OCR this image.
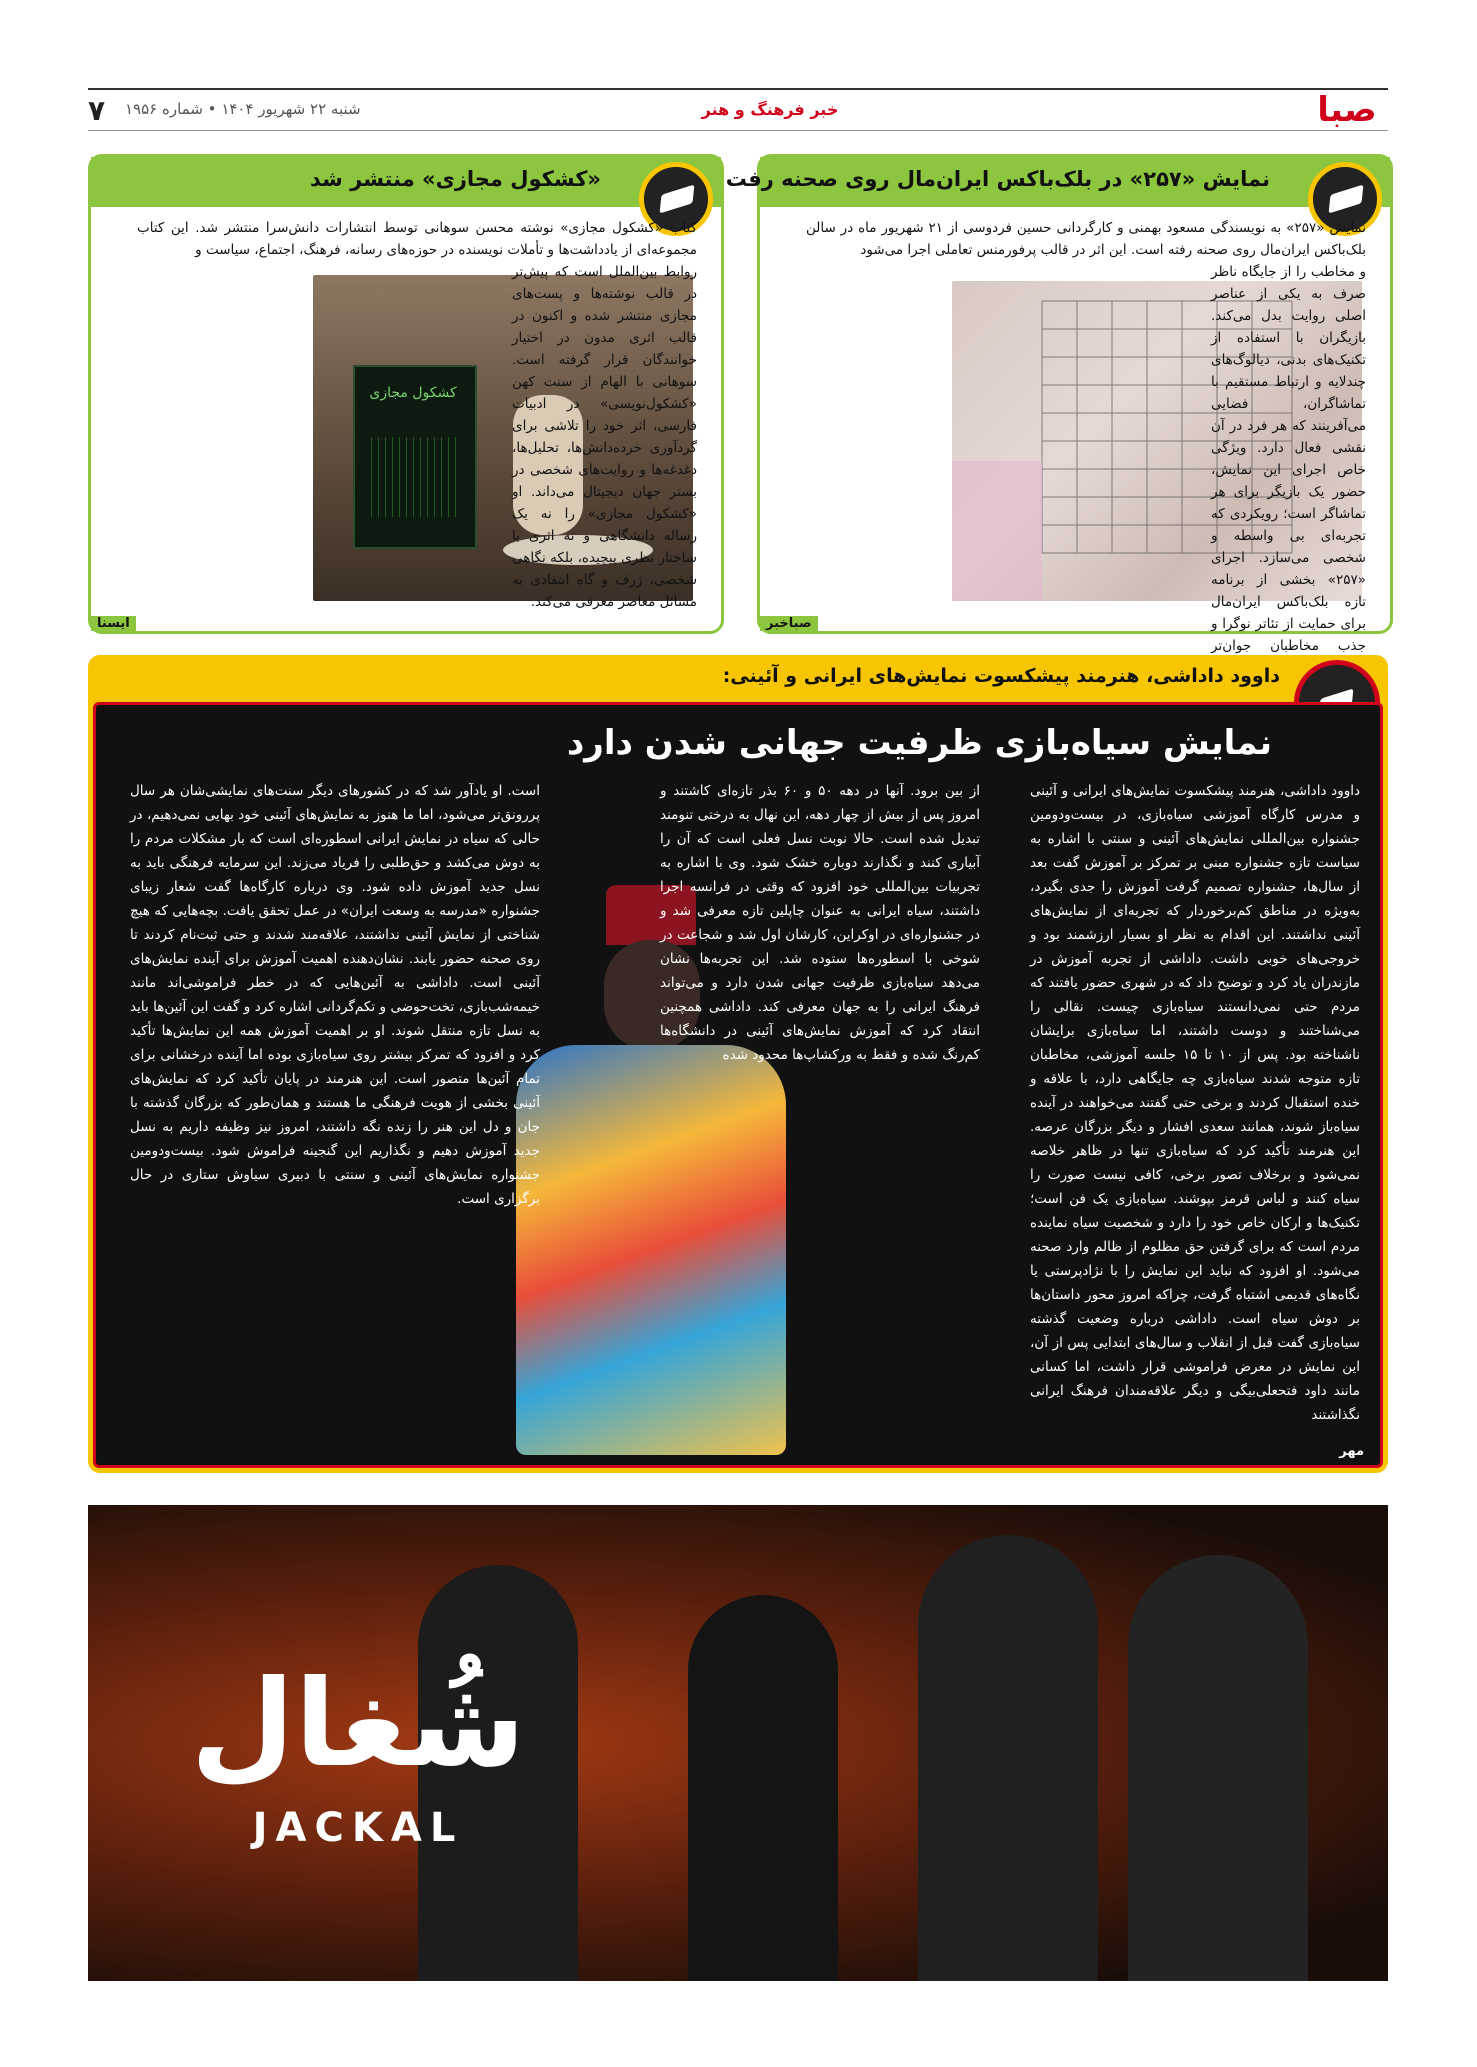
صبا
خبر فرهنگ و هنر
شنبه ۲۲ شهریور ۱۴۰۴ • شماره ۱۹۵۶
۷
نمایش «۲۵۷» در بلک‌باکس ایران‌مال روی صحنه رفت
نمایش «۲۵۷» به نویسندگی مسعود بهمنی و کارگردانی حسین فردوسی از ۲۱ شهریور ماه در سالن بلک‌باکس ایران‌مال روی صحنه رفته است. این اثر در قالب پرفورمنس تعاملی اجرا می‌شود
و مخاطب را از جایگاه ناظر صرف به یکی از عناصر اصلی روایت بدل می‌کند. بازیگران با استفاده از تکنیک‌های بدنی، دیالوگ‌های چندلایه و ارتباط مستقیم با تماشاگران، فضایی می‌آفرینند که هر فرد در آن نقشی فعال دارد. ویژگی خاص اجرای این نمایش، حضور یک بازیگر برای هر تماشاگر است؛ رویکردی که تجربه‌ای بی واسطه و شخصی می‌سازد. اجرای «۲۵۷» بخشی از برنامه تازه بلک‌باکس ایران‌مال برای حمایت از تئاتر نوگرا و جذب مخاطبان جوان‌تر
صباخبر
«کشکول مجازی» منتشر شد
کتاب «کشکول مجازی» نوشته محسن سوهانی توسط انتشارات دانش‌سرا منتشر شد. این کتاب مجموعه‌ای از یادداشت‌ها و تأملات نویسنده در حوزه‌های رسانه، فرهنگ، اجتماع، سیاست و
کشکول مجازی
روابط بین‌الملل است که پیش‌تر در قالب نوشته‌ها و پست‌های مجازی منتشر شده و اکنون در قالب اثری مدون در اختیار خوانندگان قرار گرفته است. سوهانی با الهام از سنت کهن «کشکول‌نویسی» در ادبیات فارسی، اثر خود را تلاشی برای گردآوری خرده‌دانش‌ها، تحلیل‌ها، دغدغه‌ها و روایت‌های شخصی در بستر جهان دیجیتال می‌داند. او «کشکول مجازی» را نه یک رساله دانشگاهی و نه اثری با ساختار نظری پیچیده، بلکه نگاهی شخصی، ژرف و گاه انتقادی به مسائل معاصر معرفی می‌کند.
ایسنا
داوود داداشی، هنرمند پیشکسوت نمایش‌های ایرانی و آئینی:
نمایش سیاه‌بازی ظرفیت جهانی شدن دارد
داوود داداشی، هنرمند پیشکسوت نمایش‌های ایرانی و آئینی و مدرس کارگاه آموزشی سیاه‌بازی، در بیست‌ودومین جشنواره بین‌المللی نمایش‌های آئینی و سنتی با اشاره به سیاست تازه جشنواره مبنی بر تمرکز بر آموزش گفت بعد از سال‌ها، جشنواره تصمیم گرفت آموزش را جدی بگیرد، به‌ویژه در مناطق کم‌برخوردار که تجربه‌ای از نمایش‌های آئینی نداشتند. این اقدام به نظر او بسیار ارزشمند بود و خروجی‌های خوبی داشت. داداشی از تجربه آموزش در مازندران یاد کرد و توضیح داد که در شهری حضور یافتند که مردم حتی نمی‌دانستند سیاه‌بازی چیست. نقالی را می‌شناختند و دوست داشتند، اما سیاه‌بازی برایشان ناشناخته بود. پس از ۱۰ تا ۱۵ جلسه آموزشی، مخاطبان تازه متوجه شدند سیاه‌بازی چه جایگاهی دارد، با علاقه و خنده استقبال کردند و برخی حتی گفتند می‌خواهند در آینده سیاه‌باز شوند، همانند سعدی افشار و دیگر بزرگان عرصه. این هنرمند تأکید کرد که سیاه‌بازی تنها در ظاهر خلاصه نمی‌شود و برخلاف تصور برخی، کافی نیست صورت را سیاه کنند و لباس قرمز بپوشند. سیاه‌بازی یک فن است؛ تکنیک‌ها و ارکان خاص خود را دارد و شخصیت سیاه نماینده مردم است که برای گرفتن حق مظلوم از ظالم وارد صحنه می‌شود. او افزود که نباید این نمایش را با نژادپرستی یا نگاه‌های قدیمی اشتباه گرفت، چراکه امروز محور داستان‌ها بر دوش سیاه است. داداشی درباره وضعیت گذشته سیاه‌بازی گفت قبل از انقلاب و سال‌های ابتدایی پس از آن، این نمایش در معرض فراموشی قرار داشت، اما کسانی مانند داود فتحعلی‌بیگی و دیگر علاقه‌مندان فرهنگ ایرانی نگذاشتند
از بین برود. آنها در دهه ۵۰ و ۶۰ بذر تازه‌ای کاشتند و امروز پس از بیش از چهار دهه، این نهال به درختی تنومند تبدیل شده است. حالا نوبت نسل فعلی است که آن را آبیاری کنند و نگذارند دوباره خشک شود. وی با اشاره به تجربیات بین‌المللی خود افزود که وقتی در فرانسه اجرا داشتند، سیاه ایرانی به عنوان چاپلین تازه معرفی شد و در جشنواره‌ای در اوکراین، کارشان اول شد و شجاعت در شوخی با اسطوره‌ها ستوده شد. این تجربه‌ها نشان می‌دهد سیاه‌بازی ظرفیت جهانی شدن دارد و می‌تواند فرهنگ ایرانی را به جهان معرفی کند. داداشی همچنین انتقاد کرد که آموزش نمایش‌های آئینی در دانشگاه‌ها کم‌رنگ شده و فقط به ورکشاپ‌ها محدود شده
است. او یادآور شد که در کشورهای دیگر سنت‌های نمایشی‌شان هر سال پررونق‌تر می‌شود، اما ما هنوز به نمایش‌های آئینی خود بهایی نمی‌دهیم، در حالی که سیاه در نمایش ایرانی اسطوره‌ای است که بار مشکلات مردم را به دوش می‌کشد و حق‌طلبی را فریاد می‌زند. این سرمایه فرهنگی باید به نسل جدید آموزش داده شود. وی درباره کارگاه‌ها گفت شعار زیبای جشنواره «مدرسه به وسعت ایران» در عمل تحقق یافت. بچه‌هایی که هیچ شناختی از نمایش آئینی نداشتند، علاقه‌مند شدند و حتی ثبت‌نام کردند تا روی صحنه حضور یابند. نشان‌دهنده اهمیت آموزش برای آینده نمایش‌های آئینی است. داداشی به آئین‌هایی که در خطر فراموشی‌اند مانند خیمه‌شب‌بازی، تخت‌حوضی و تکم‌گردانی اشاره کرد و گفت این آئین‌ها باید به نسل تازه منتقل شوند. او بر اهمیت آموزش همه این نمایش‌ها تأکید کرد و افزود که تمرکز بیشتر روی سیاه‌بازی بوده اما آینده درخشانی برای تمام آئین‌ها متصور است. این هنرمند در پایان تأکید کرد که نمایش‌های آئینی بخشی از هویت فرهنگی ما هستند و همان‌طور که بزرگان گذشته با جان و دل این هنر را زنده نگه داشتند، امروز نیز وظیفه داریم به نسل جدید آموزش دهیم و نگذاریم این گنجینه فراموش شود. بیست‌ودومین جشنواره نمایش‌های آئینی و سنتی با دبیری سیاوش ستاری در حال برگزاری است.
مهر
شُغال
JACKAL
